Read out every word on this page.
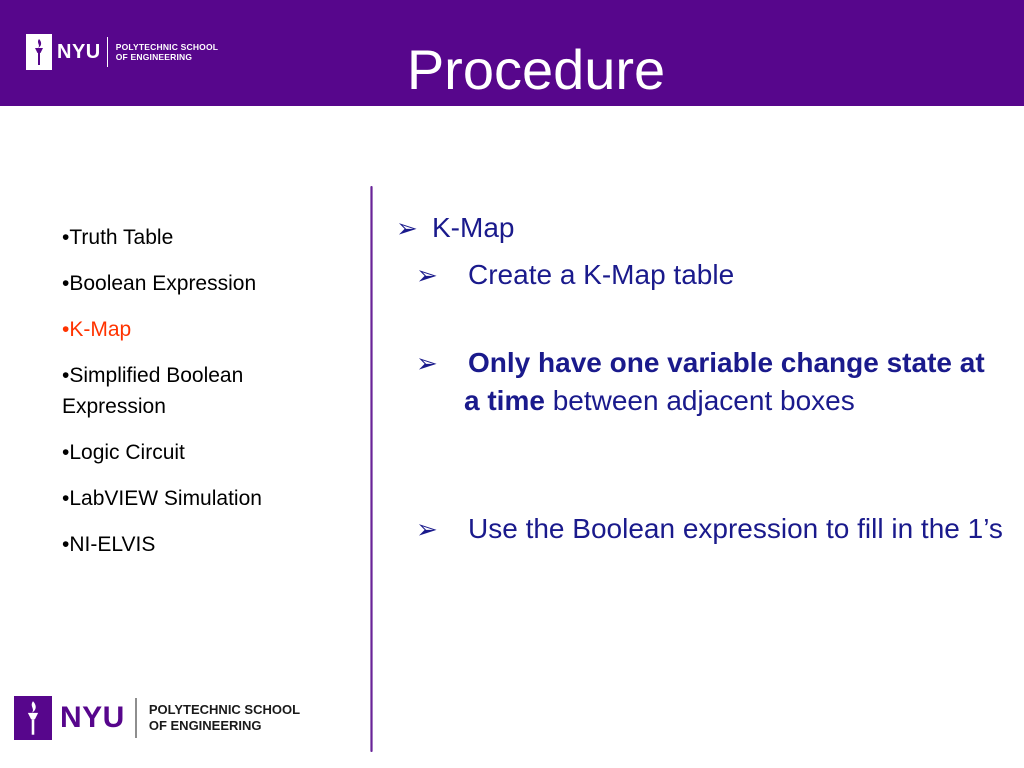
NYU POLYTECHNIC SCHOOL
OF ENGINEERING	Procedure
•Truth Table
•Boolean Expression
•K-Map
•Simplified Boolean Expression
•Logic Circuit
•LabVIEW Simulation
•NI-ELVIS
➢ K-Map
➢ Create a K-Map table
➢ Only have one variable change state at a time between adjacent boxes
➢ Use the Boolean expression to fill in the 1’s
NYU POLYTECHNIC SCHOOL
OF ENGINEERING
